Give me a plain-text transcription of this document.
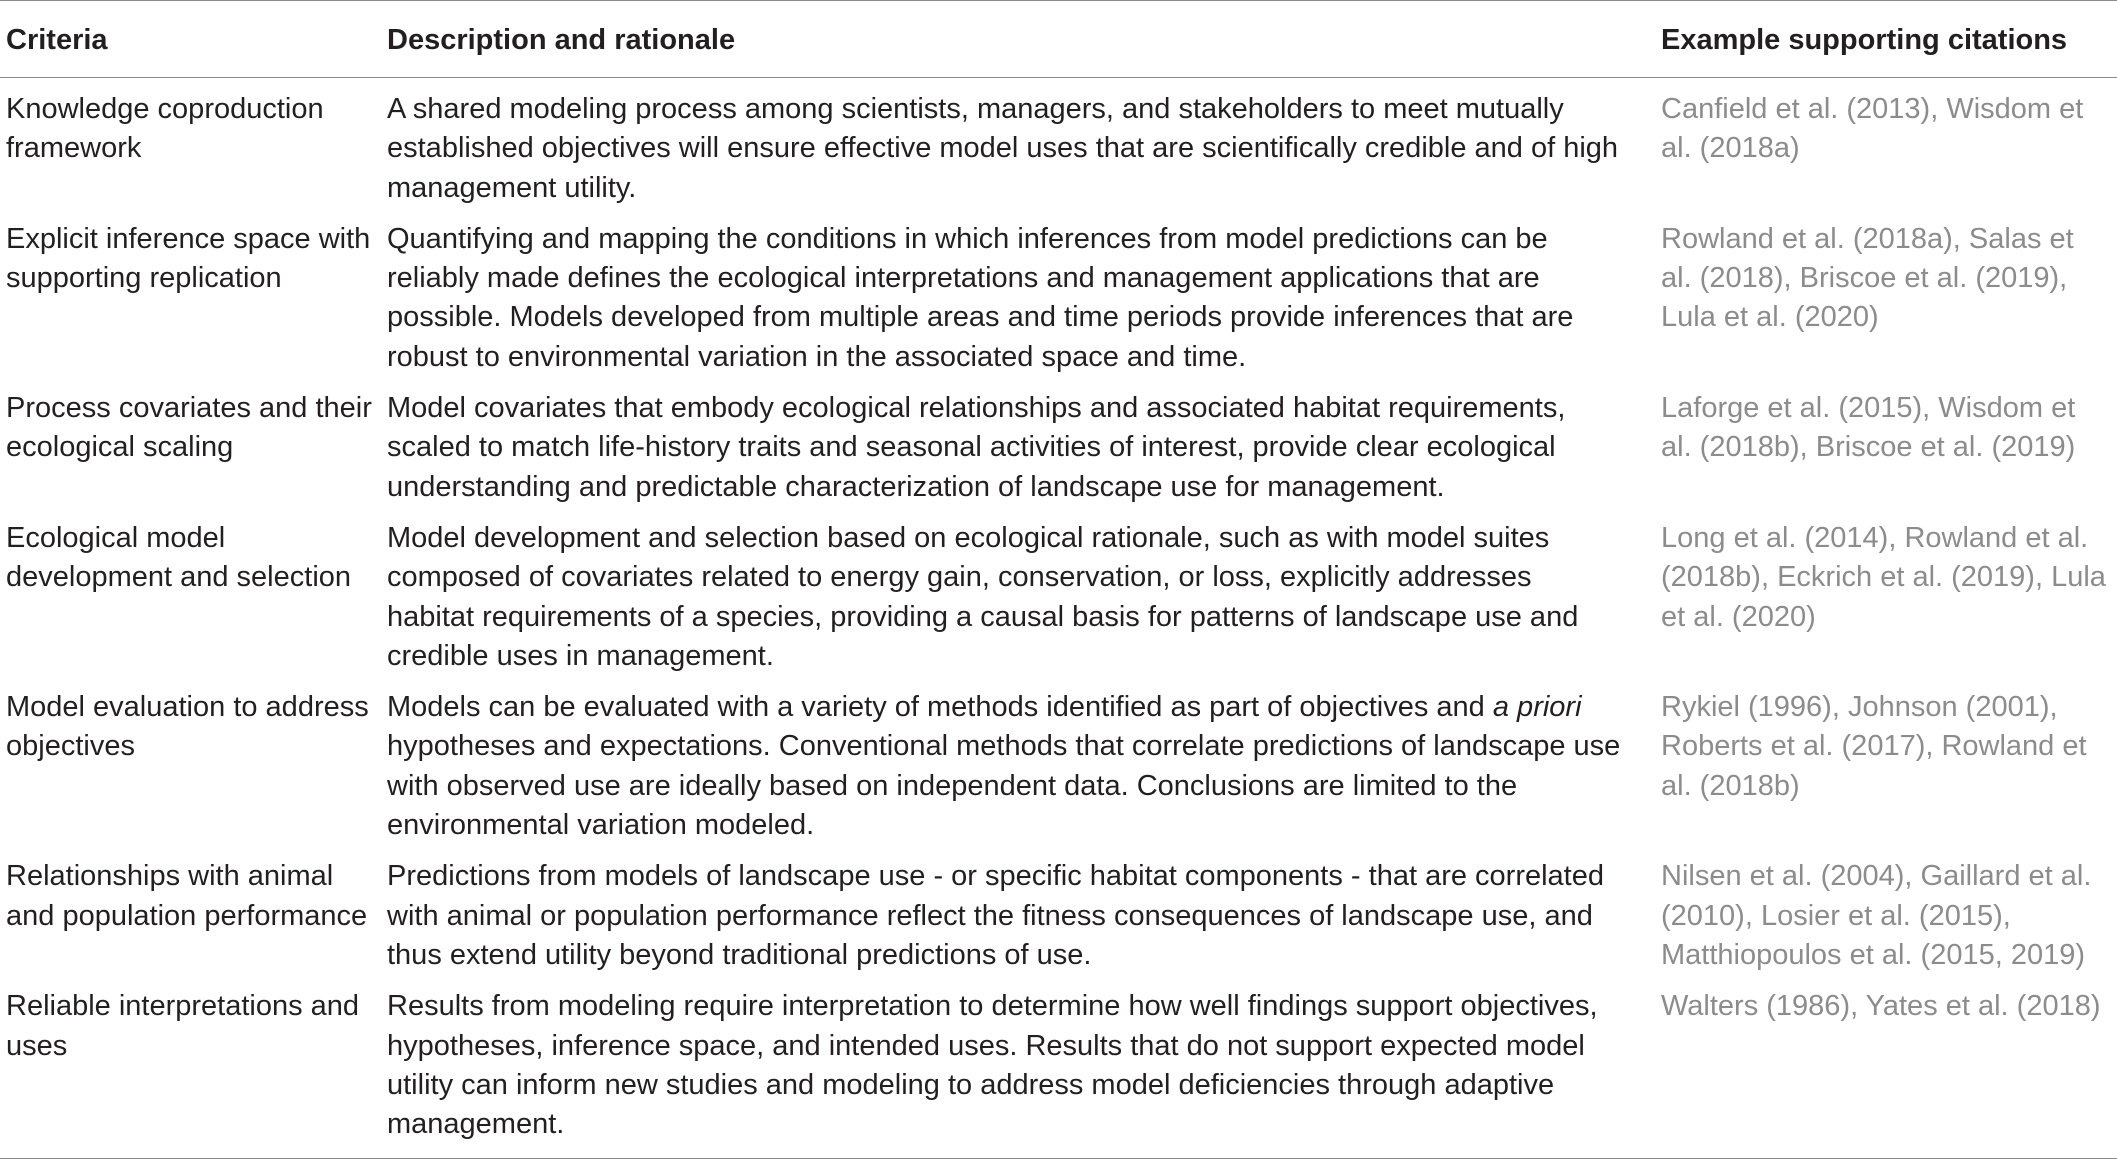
Criteria	Description and rationale	Example supporting citations
Knowledge coproduction framework	A shared modeling process among scientists, managers, and stakeholders to meet mutually established objectives will ensure effective model uses that are scientifically credible and of high management utility.	Canfield et al. (2013), Wisdom et al. (2018a)
Explicit inference space with supporting replication	Quantifying and mapping the conditions in which inferences from model predictions can be reliably made defines the ecological interpretations and management applications that are possible. Models developed from multiple areas and time periods provide inferences that are robust to environmental variation in the associated space and time.	Rowland et al. (2018a), Salas et al. (2018), Briscoe et al. (2019), Lula et al. (2020)
Process covariates and their ecological scaling	Model covariates that embody ecological relationships and associated habitat requirements, scaled to match life-history traits and seasonal activities of interest, provide clear ecological understanding and predictable characterization of landscape use for management.	Laforge et al. (2015), Wisdom et al. (2018b), Briscoe et al. (2019)
Ecological model development and selection	Model development and selection based on ecological rationale, such as with model suites composed of covariates related to energy gain, conservation, or loss, explicitly addresses habitat requirements of a species, providing a causal basis for patterns of landscape use and credible uses in management.	Long et al. (2014), Rowland et al. (2018b), Eckrich et al. (2019), Lula et al. (2020)
Model evaluation to address objectives	Models can be evaluated with a variety of methods identified as part of objectives and a priori hypotheses and expectations. Conventional methods that correlate predictions of landscape use with observed use are ideally based on independent data. Conclusions are limited to the environmental variation modeled.	Rykiel (1996), Johnson (2001), Roberts et al. (2017), Rowland et al. (2018b)
Relationships with animal and population performance	Predictions from models of landscape use - or specific habitat components - that are correlated with animal or population performance reflect the fitness consequences of landscape use, and thus extend utility beyond traditional predictions of use.	Nilsen et al. (2004), Gaillard et al. (2010), Losier et al. (2015), Matthiopoulos et al. (2015, 2019)
Reliable interpretations and uses	Results from modeling require interpretation to determine how well findings support objectives, hypotheses, inference space, and intended uses. Results that do not support expected model utility can inform new studies and modeling to address model deficiencies through adaptive management.	Walters (1986), Yates et al. (2018)
